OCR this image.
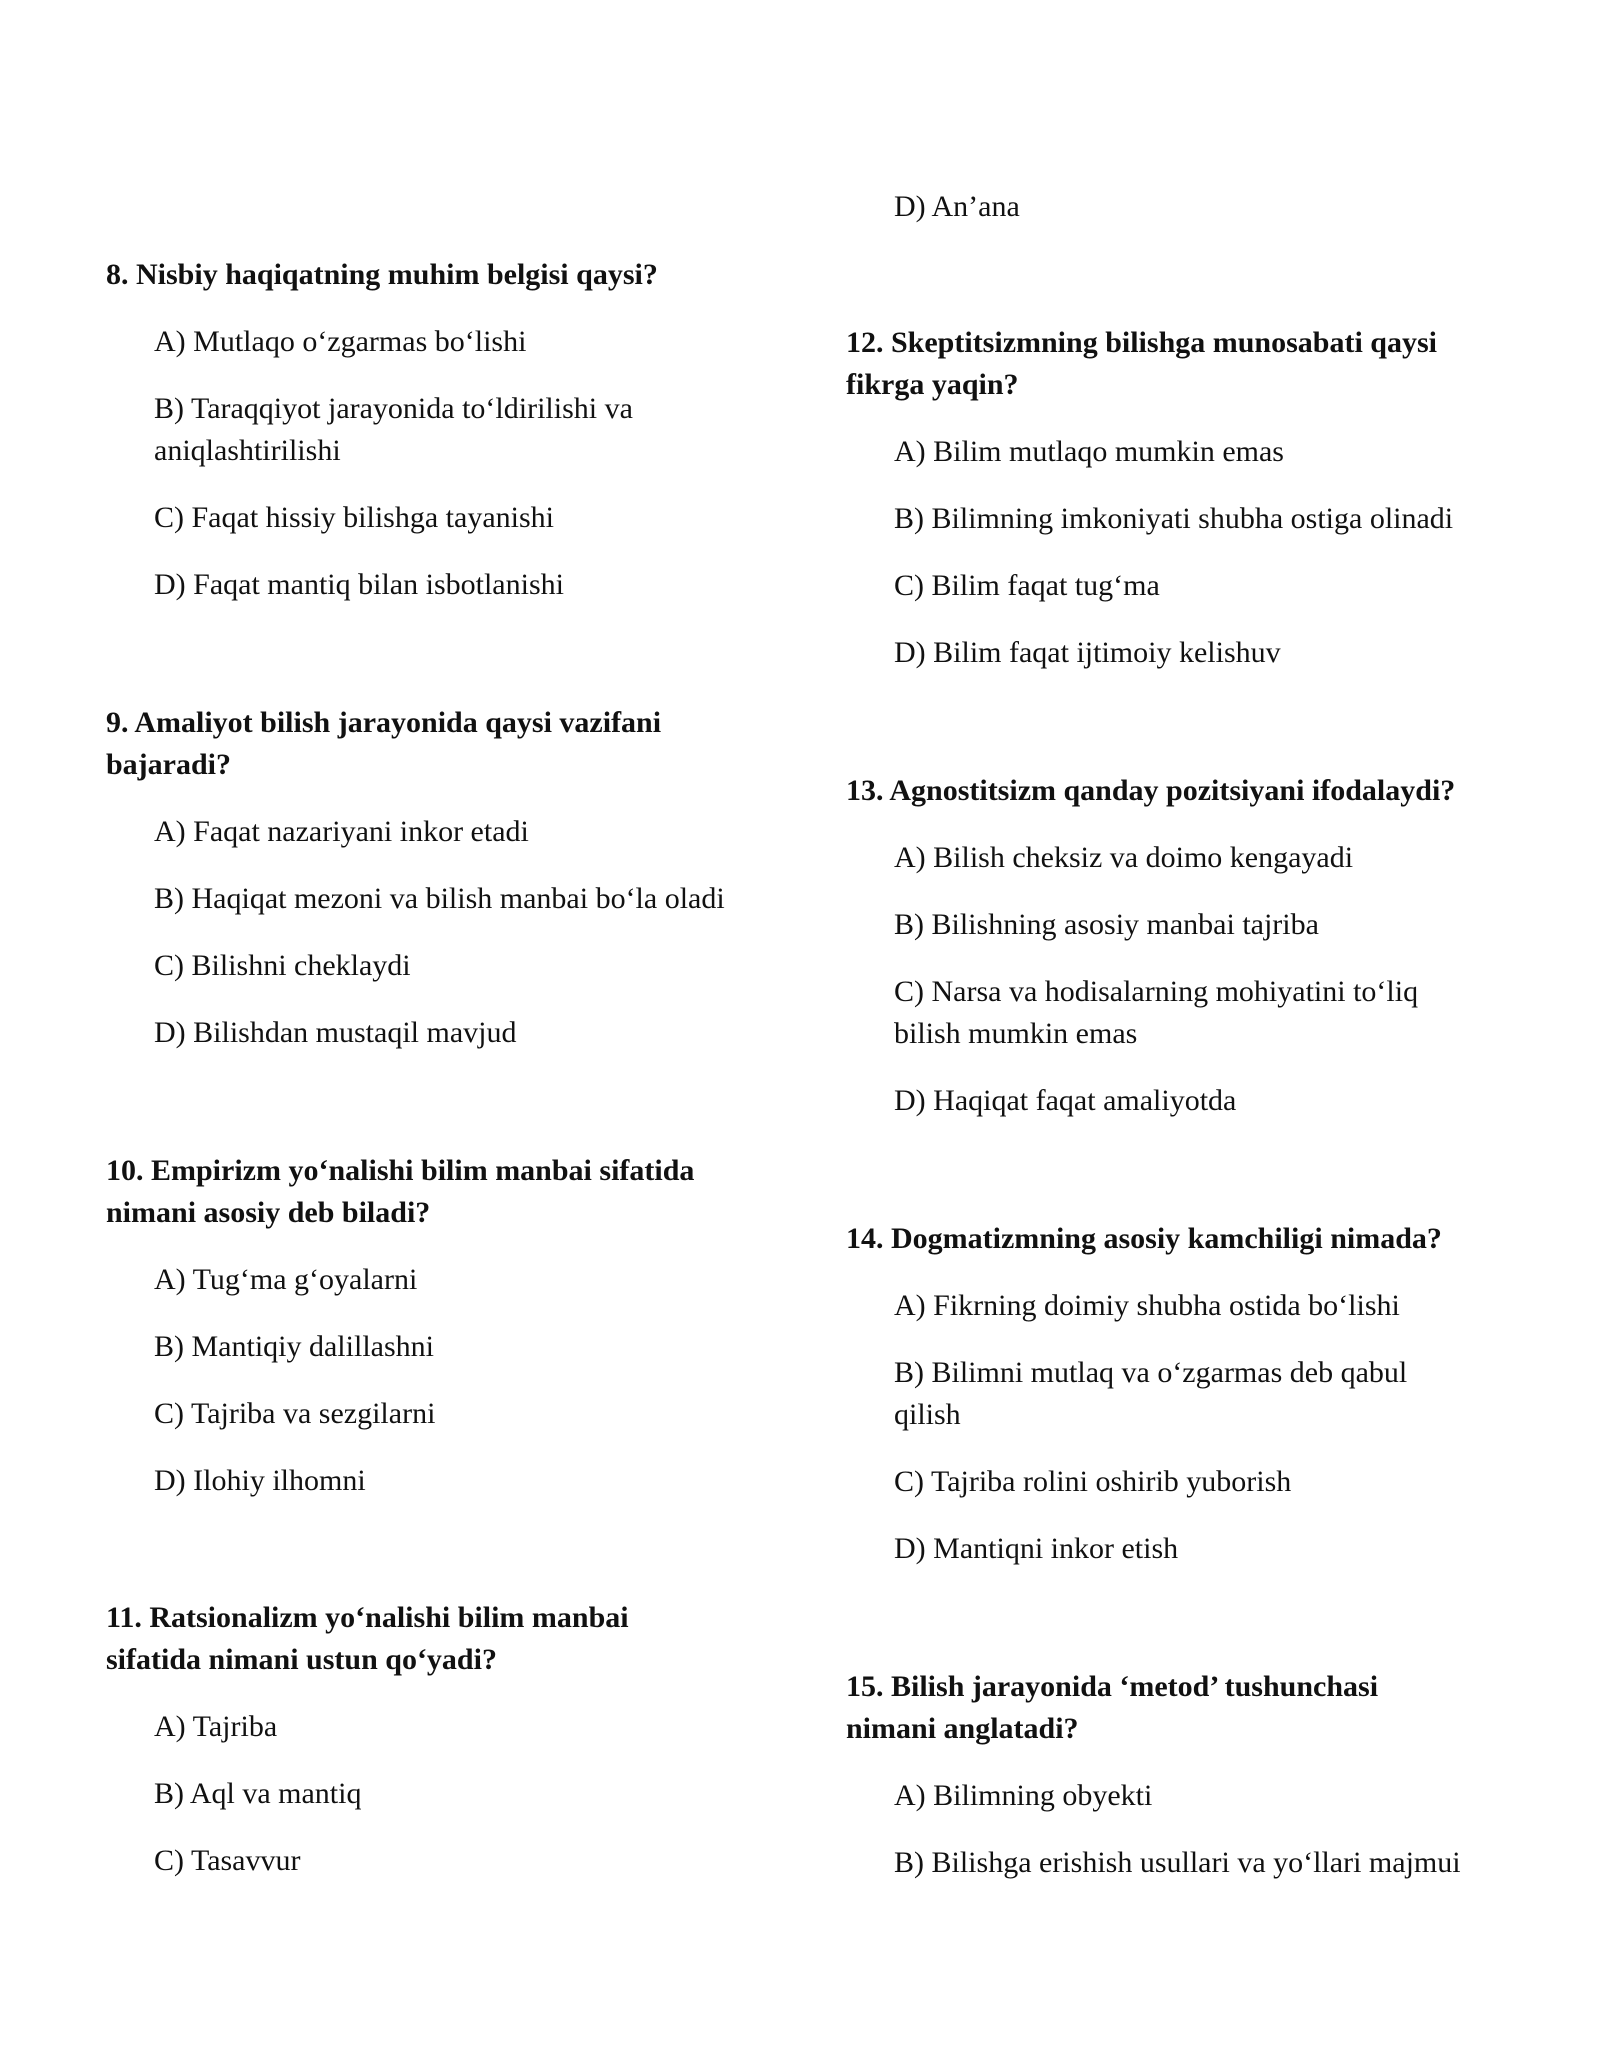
8. Nisbiy haqiqatning muhim belgisi qaysi?

A) Mutlaqo o‘zgarmas bo‘lishi

B) Taraqqiyot jarayonida to‘ldirilishi va aniqlashtirilishi

C) Faqat hissiy bilishga tayanishi

D) Faqat mantiq bilan isbotlanishi

9. Amaliyot bilish jarayonida qaysi vazifani bajaradi?

A) Faqat nazariyani inkor etadi

B) Haqiqat mezoni va bilish manbai bo‘la oladi

C) Bilishni cheklaydi

D) Bilishdan mustaqil mavjud

10. Empirizm yo‘nalishi bilim manbai sifatida nimani asosiy deb biladi?

A) Tug‘ma g‘oyalarni

B) Mantiqiy dalillashni

C) Tajriba va sezgilarni

D) Ilohiy ilhomni

11. Ratsionalizm yo‘nalishi bilim manbai sifatida nimani ustun qo‘yadi?

A) Tajriba

B) Aql va mantiq

C) Tasavvur

D) An’ana

12. Skeptitsizmning bilishga munosabati qaysi fikrga yaqin?

A) Bilim mutlaqo mumkin emas

B) Bilimning imkoniyati shubha ostiga olinadi

C) Bilim faqat tug‘ma

D) Bilim faqat ijtimoiy kelishuv

13. Agnostitsizm qanday pozitsiyani ifodalaydi?

A) Bilish cheksiz va doimo kengayadi

B) Bilishning asosiy manbai tajriba

C) Narsa va hodisalarning mohiyatini to‘liq bilish mumkin emas

D) Haqiqat faqat amaliyotda

14. Dogmatizmning asosiy kamchiligi nimada?

A) Fikrning doimiy shubha ostida bo‘lishi

B) Bilimni mutlaq va o‘zgarmas deb qabul qilish

C) Tajriba rolini oshirib yuborish

D) Mantiqni inkor etish

15. Bilish jarayonida ‘metod’ tushunchasi nimani anglatadi?

A) Bilimning obyekti

B) Bilishga erishish usullari va yo‘llari majmui
